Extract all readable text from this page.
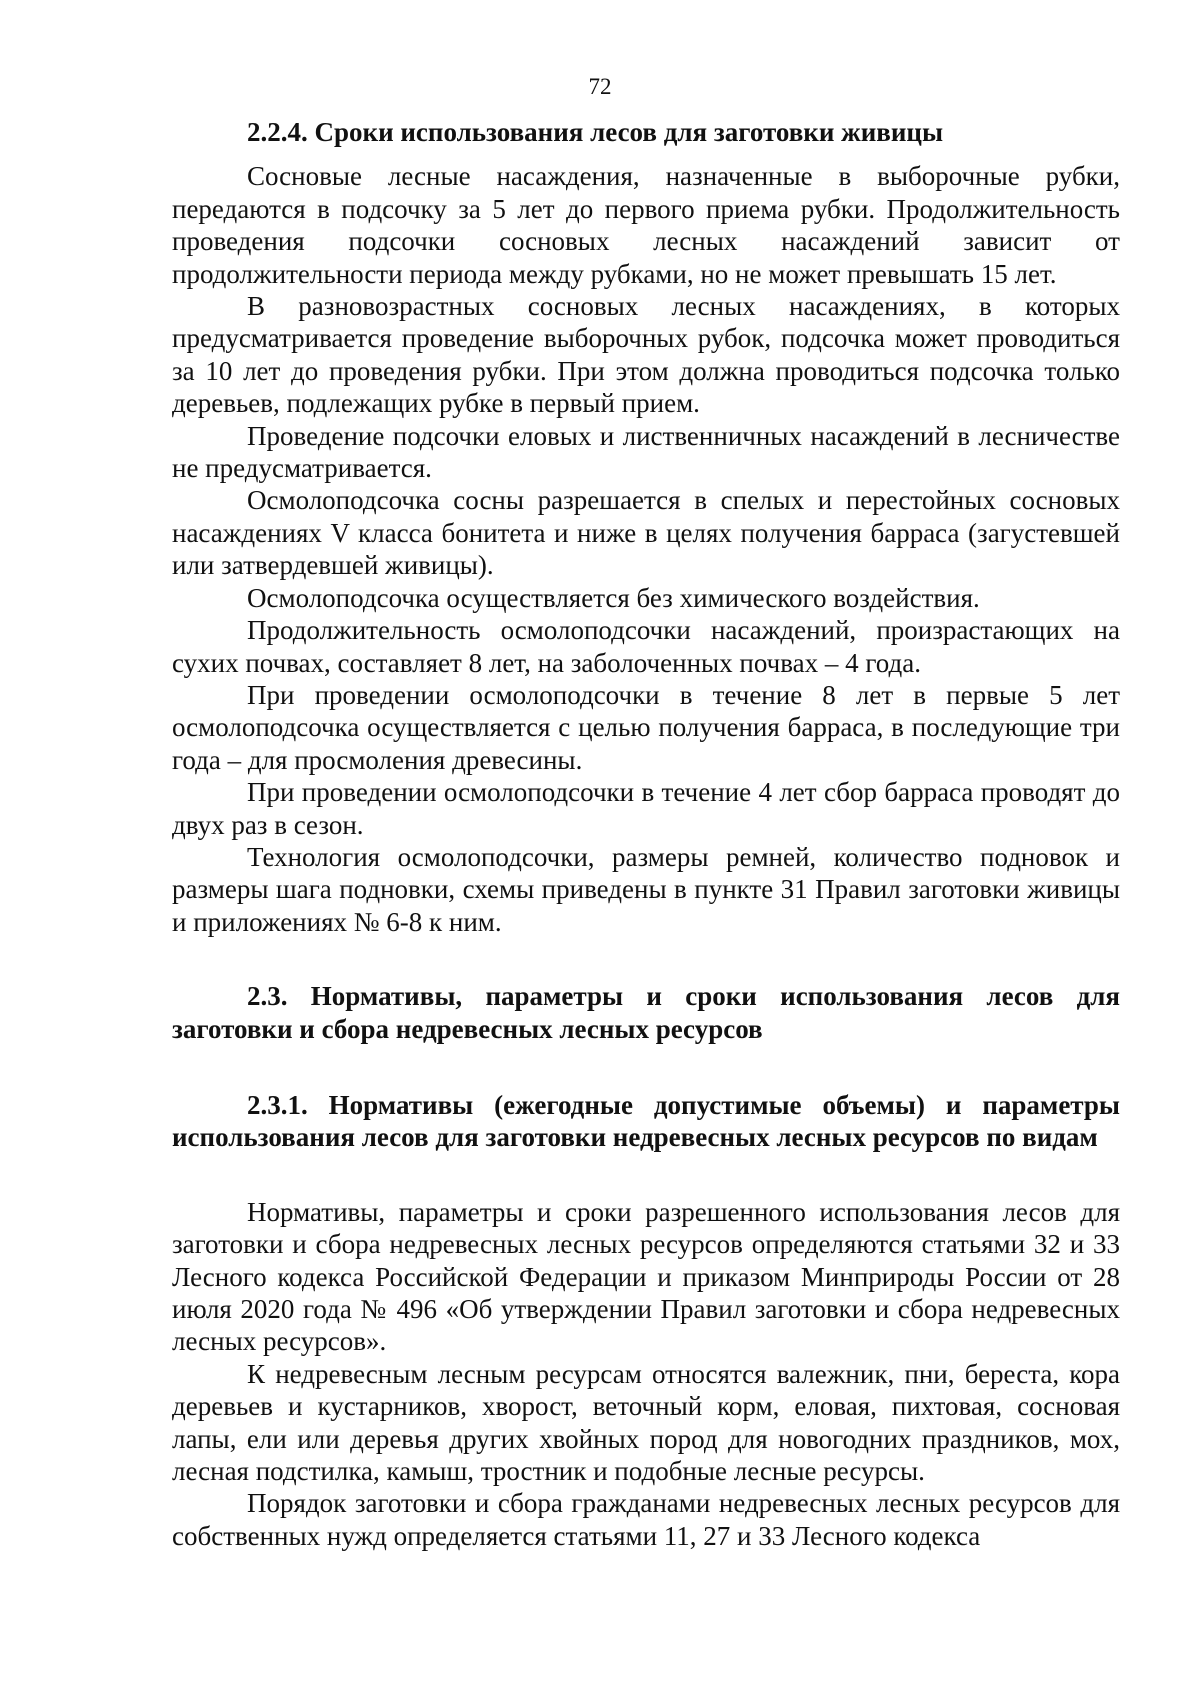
72

2.2.4. Сроки использования лесов для заготовки живицы

Сосновые лесные насаждения, назначенные в выборочные рубки, передаются в подсочку за 5 лет до первого приема рубки. Продолжительность проведения подсочки сосновых лесных насаждений зависит от продолжительности периода между рубками, но не может превышать 15 лет.

В разновозрастных сосновых лесных насаждениях, в которых предусматривается проведение выборочных рубок, подсочка может проводиться за 10 лет до проведения рубки. При этом должна проводиться подсочка только деревьев, подлежащих рубке в первый прием.

Проведение подсочки еловых и лиственничных насаждений в лесничестве не предусматривается.

Осмолоподсочка сосны разрешается в спелых и перестойных сосновых насаждениях V класса бонитета и ниже в целях получения барраса (загустевшей или затвердевшей живицы).

Осмолоподсочка осуществляется без химического воздействия.

Продолжительность осмолоподсочки насаждений, произрастающих на сухих почвах, составляет 8 лет, на заболоченных почвах – 4 года.

При проведении осмолоподсочки в течение 8 лет в первые 5 лет осмолоподсочка осуществляется с целью получения барраса, в последующие три года – для просмоления древесины.

При проведении осмолоподсочки в течение 4 лет сбор барраса проводят до двух раз в сезон.

Технология осмолоподсочки, размеры ремней, количество подновок и размеры шага подновки, схемы приведены в пункте 31 Правил заготовки живицы и приложениях № 6-8 к ним.

2.3. Нормативы, параметры и сроки использования лесов для заготовки и сбора недревесных лесных ресурсов

2.3.1. Нормативы (ежегодные допустимые объемы) и параметры использования лесов для заготовки недревесных лесных ресурсов по видам

Нормативы, параметры и сроки разрешенного использования лесов для заготовки и сбора недревесных лесных ресурсов определяются статьями 32 и 33 Лесного кодекса Российской Федерации и приказом Минприроды России от 28 июля 2020 года № 496 «Об утверждении Правил заготовки и сбора недревесных лесных ресурсов».

К недревесным лесным ресурсам относятся валежник, пни, береста, кора деревьев и кустарников, хворост, веточный корм, еловая, пихтовая, сосновая лапы, ели или деревья других хвойных пород для новогодних праздников, мох, лесная подстилка, камыш, тростник и подобные лесные ресурсы.

Порядок заготовки и сбора гражданами недревесных лесных ресурсов для собственных нужд определяется статьями 11, 27 и 33 Лесного кодекса
